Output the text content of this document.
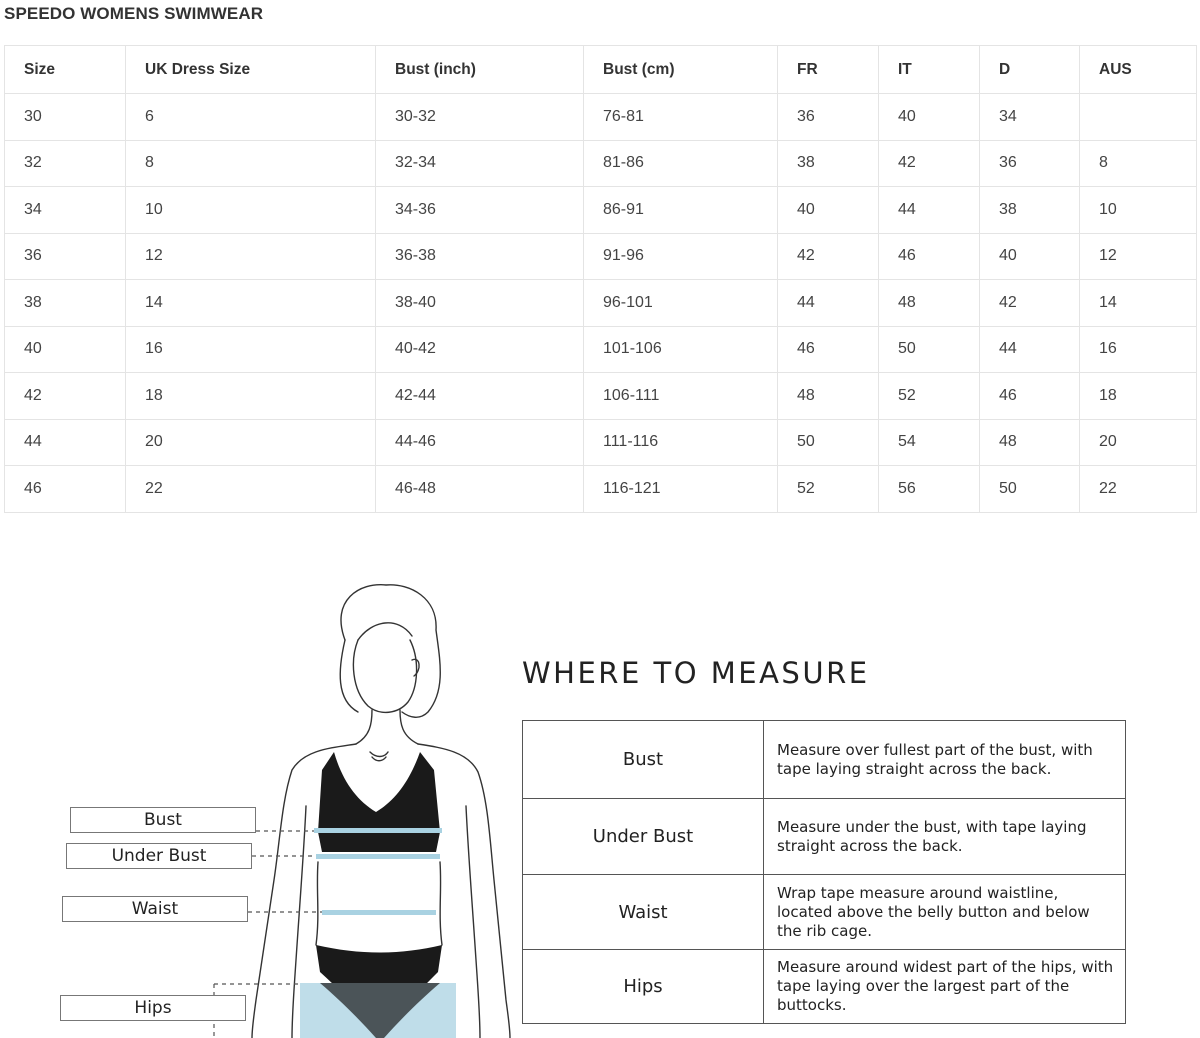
SPEEDO WOMENS SWIMWEAR
Size	UK Dress Size	Bust (inch)	Bust (cm)	FR	IT	D	AUS
30	6	30-32	76-81	36	40	34	
32	8	32-34	81-86	38	42	36	8
34	10	34-36	86-91	40	44	38	10
36	12	36-38	91-96	42	46	40	12
38	14	38-40	96-101	44	48	42	14
40	16	40-42	101-106	46	50	44	16
42	18	42-44	106-111	48	52	46	18
44	20	44-46	111-116	50	54	48	20
46	22	46-48	116-121	52	56	50	22
Bust
Under Bust
Waist
Hips
WHERE TO MEASURE
Bust	Measure over fullest part of the bust, with tape laying straight across the back.
Under Bust	Measure under the bust, with tape laying straight across the back.
Waist	Wrap tape measure around waistline, located above the belly button and below the rib cage.
Hips	Measure around widest part of the hips, with tape laying over the largest part of the buttocks.
